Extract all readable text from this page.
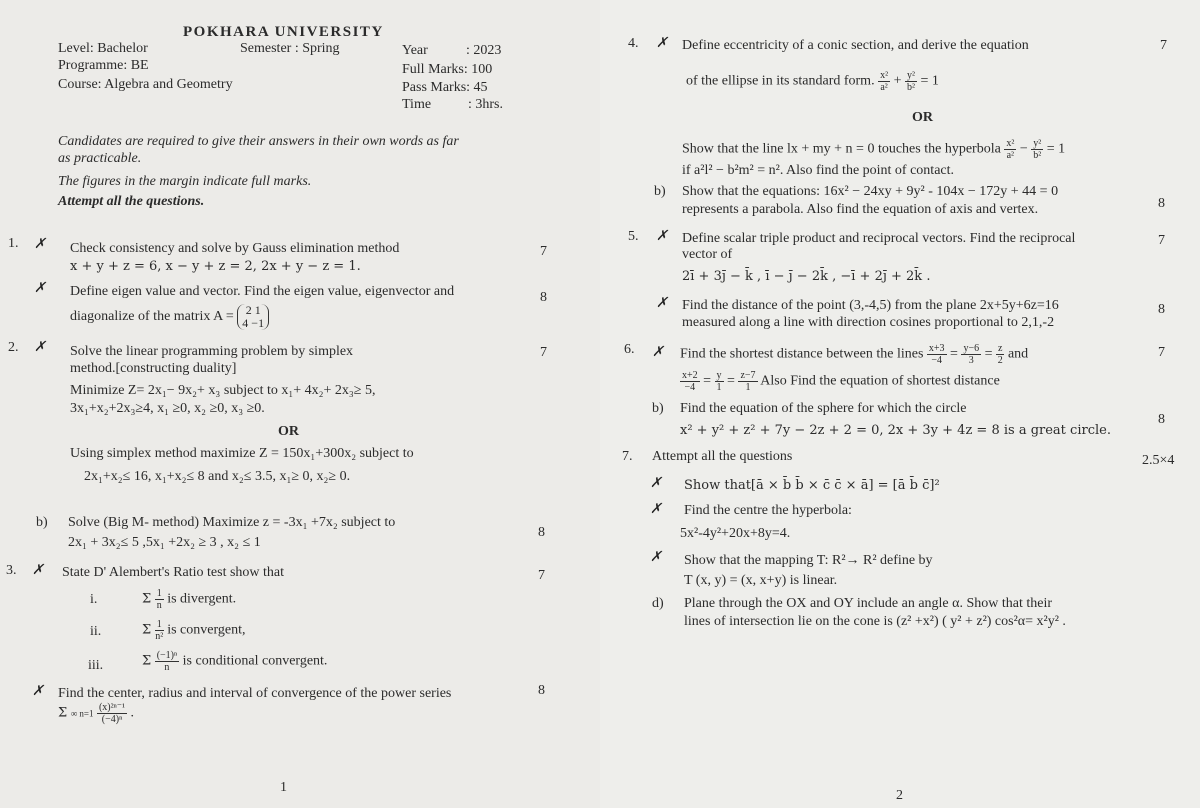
POKHARA UNIVERSITY
Level: Bachelor	Semester : Spring	Year	: 2023
Programme: BE	Full Marks: 100
Course: Algebra and Geometry	Pass Marks: 45
Time	: 3hrs.
Candidates are required to give their answers in their own words as far
as practicable.
The figures in the margin indicate full marks.
Attempt all the questions.
1. ✗ Check consistency and solve by Gauss elimination method
x + y + z = 6, x − y + z = 2, 2x + y − z = 1.
7
✗ Define eigen value and vector. Find the eigen value, eigenvector and
diagonalize of the matrix A = 2 1
4 −1
8
2. ✗ Solve the linear programming problem by simplex
method.[constructing duality]
Minimize Z= 2x₁− 9x₂+ x₃ subject to x₁+ 4x₂+ 2x₃≥ 5,
3x₁+x₂+2x₃≥4, x₁ ≥0, x₂ ≥0, x₃ ≥0.
7
OR
Using simplex method maximize Z = 150x₁+300x₂ subject to
2x₁+x₂≤ 16, x₁+x₂≤ 8 and x₂≤ 3.5, x₁≥ 0, x₂≥ 0.
b) Solve (Big M- method) Maximize z = -3x₁ +7x₂ subject to
2x₁ + 3x₂≤ 5 ,5x₁ +2x₂ ≥ 3 , x₂ ≤ 1
8
3. ✗ State D' Alembert's Ratio test show that	7
i.	Σ $\frac{1}{n}$ is divergent.
ii.	Σ $\frac{1}{\text{n²}}$ is convergent,
iii.	Σ $\frac{\text{(−1)ⁿ}}{n}$ is conditional convergent.
✗ Find the center, radius and interval of convergence of the power series
Σ ∞ $n=1 \frac{\text{(x)²ⁿ⁻¹}}{\text{(−4)ⁿ}}$ .
8
1
4. ✗ Define eccentricity of a conic section, and derive the equation	7
of the ellipse in its standard form. $\frac{\text{x²}}{\text{a²}} + \frac{\text{y²}}{\text{b²}} = 1$
OR
Show that the line lx + my + n = 0 touches the hyperbola $\frac{\text{x²}}{\text{a²}} - \frac{\text{y²}}{\text{b²}} = 1$
if a²l² − b²m² = n². Also find the point of contact.
b) Show that the equations: 16x² − 24xy + 9y² - 104x − 172y + 44 = 0
represents a parabola. Also find the equation of axis and vertex.	8
5. ✗ Define scalar triple product and reciprocal vectors. Find the reciprocal
vector of
2ī + 3j̄ − k̄ , ī − j̄ − 2k̄ , −ī + 2j̄ + 2k̄ .
7
✗ Find the distance of the point (3,-4,5) from the plane 2x+5y+6z=16
measured along a line with direction cosines proportional to 2,1,-2
8
6. ✗ Find the shortest distance between the lines $\frac{x+3}{-4} = \frac{y-6}{3} = \frac{z}{2}$ and
$\frac{x+2}{-4} = \frac{y}{1} = \frac{z-7}{1}$ Also Find the equation of shortest distance
7
b) Find the equation of the sphere for which the circle
x² + y² + z² + 7y − 2z + 2 = 0, 2x + 3y + 4z = 8 is a great circle.
8
7. Attempt all the questions	2.5×4
✗ Show that[ā × b̄ b̄ × c̄ c̄ × ā] = [ā b̄ c̄]²
✗ Find the centre the hyperbola:
5x²-4y²+20x+8y=4.
✗ Show that the mapping T: R²→ R² define by
T (x, y) = (x, x+y) is linear.
d) Plane through the OX and OY include an angle α. Show that their
lines of intersection lie on the cone is (z² +x²) ( y² + z²) cos²α= x²y² .
2
